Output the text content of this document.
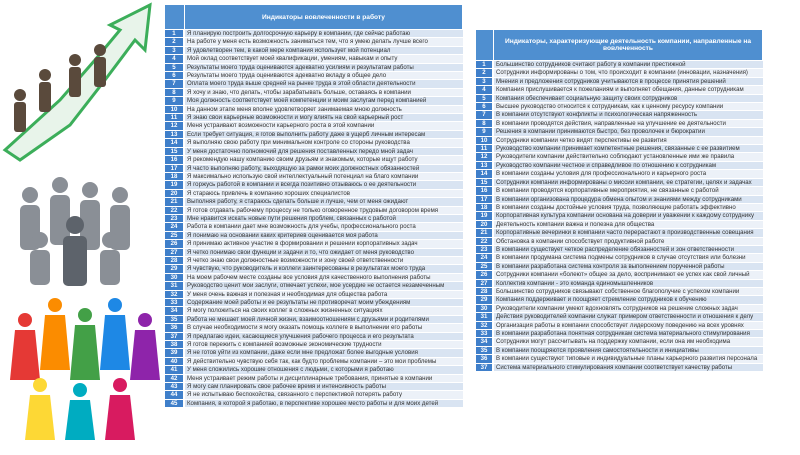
	Индикаторы вовлеченности в работу
1	Я планирую построить долгосрочную карьеру в компании, где сейчас работаю
2	На работе у меня есть возможность заниматься тем, что я умею делать лучше всего
3	Я удовлетворен тем, в какой мере компания использует мой потенциал
4	Мой оклад соответствует моей квалификации, умениям, навыкам и опыту
5	Результаты моего труда оцениваются адекватно усилиям и результатам работы
6	Результаты моего труда оцениваются адекватно вкладу в общее дело
7	Оплата моего труда выше средней на рынке труда в этой области деятельности
8	Я хочу и знаю, что делать, чтобы зарабатывать больше, оставаясь в компании
9	Моя должность соответствует моей компетенции и моим заслугам перед компанией
10	На данном этапе меня вполне удовлетворяет занимаемая мною должность
11	Я знаю свои карьерные возможности и могу влиять на свой карьерный рост
12	Меня устраивают возможности карьерного роста в этой компании
13	Если требует ситуация, я готов выполнить работу даже в ущерб личным интересам
14	Я выполняю свою работу при минимальном контроле со стороны руководства
15	У меня достаточно полномочий для решения поставленных передо мной задач
16	Я рекомендую нашу компанию своим друзьям и знакомым, которые ищут работу
17	Я часто выполняю работу, выходящую за рамки моих должностных обязанностей
18	Я максимально использую свой интеллектуальный потенциал на благо компании
19	Я горжусь работой в компании и всегда позитивно отзываюсь о ее деятельности
20	Я стараюсь привлечь в компанию хороших специалистов
21	Выполняя работу, я стараюсь сделать больше и лучше, чем от меня ожидают
22	Я готов отдавать рабочему процессу не только оговоренное трудовым договором время
23	Мне нравится искать новые пути решения проблем, связанных с работой
24	Работа в компании дает мне возможность для учебы, профессионального роста
25	Я понимаю на основании каких критериев оценивается моя работа
26	Я принимаю активное участие в формировании и решении корпоративных задач
27	Я четко понимаю свои функции и задачи и то, что ожидает от меня руководство
28	Я четко знаю свои должностные возможности и зону своей ответственности
29	Я чувствую, что руководитель и коллеги заинтересованы в результатах моего труда
30	На моем рабочем месте созданы все условия для качественного выполнения работы
31	Руководство ценит мои заслуги, отмечает успехи, мое усердие не остается незамеченным
32	У меня очень важная и полезная и необходимая для общества работа
33	Содержание моей работы и ее результаты не противоречат моим убеждениям
34	Я могу положиться на своих коллег в сложных жизненных ситуациях
35	Работа не мешает моей личной жизни, взаимоотношениям с друзьями и родителями
36	В случае необходимости я могу оказать помощь коллеге в выполнении его работы
37	Я предлагаю идеи, касающиеся улучшения рабочего процесса и его результата
38	Я готов пережить с компанией возможные экономические трудности
39	Я не готов уйти из компании, даже если мне предложат более выгодные условия
40	Я действительно чувствую себя так, как будто проблемы компании – это мои проблемы
41	У меня сложились хорошие отношения с людьми, с которыми я работаю
42	Меня устраивает режим работы и дисциплинарные требования, принятые в компании
43	Я могу сам планировать свое рабочее время и интенсивность работы
44	Я не испытываю беспокойства, связанного с перспективой потерять работу
45	Компания, в которой я работаю, в перспективе хорошее место работы и для моих детей
	Индикаторы, характеризующие деятельность компании, направленные на вовлеченность
1	Большинство сотрудников считают работу в компании престижной
2	Сотрудники информированы о том, что происходит в компании (инновации, назначения)
3	Мнения и предложения сотрудников учитываются в процессе принятия решений
4	Компания прислушивается к пожеланиям и выполняет обещания, данные сотрудникам
5	Компания обеспечивает социальную защиту своих сотрудников
6	Высшее руководство относится к сотрудникам, как к ценному ресурсу компании
7	В компании отсутствуют конфликты и психологическая напряженность
8	В компании проводятся действия, направленные на улучшение ее деятельности
9	Решения в компании принимаются быстро, без проволочек и бюрократии
10	Сотрудники компании четко видят перспективы ее развития
11	Руководство компании принимает компетентные решения, связанные с ее развитием
12	Руководители компании действительно соблюдают установленные ими же правила
13	Руководство компании честное и справедливое по отношению к сотрудникам
14	В компании созданы условия для профессионального и карьерного роста
15	Сотрудники компании информированы о миссии компании, ее стратегии, целях и задачах
16	В компании проводятся корпоративные мероприятия, не связанные с работой
17	В компании организована процедура обмена опытом и знаниями между сотрудниками
18	В компании созданы достойные условия труда, позволяющие работать эффективно
19	Корпоративная культура компании основана на доверии и уважении к каждому сотруднику
20	Деятельность компании важна и полезна для общества
21	Корпоративные вечеринки в компании часто перерастают в производственные совещания
22	Обстановка в компании способствует продуктивной работе
23	В компании существует четкое распределение обязанностей и зон ответственности
24	В компании продумана система подмены сотрудников в случае отсутствия или болезни
25	В компании разработана система контроля за выполнением порученной работы
26	Сотрудники компании «болеют» общее за дело, воспринимают ее успех как свой личный
27	Коллектив компании - это команда единомышленников
28	Большинство сотрудников связывают собственное благополучие с успехом компании
29	Компания поддерживает и поощряет стремление сотрудников к обучению
30	Руководители компании умеют вдохновлять сотрудников на решение сложных задач
31	Действия руководителей компании служат примером ответственности и отношения к делу
32	Организация работы в компании способствует лидерскому поведению на всех уровнях
33	В компании разработана понятная сотрудникам система материального стимулирования
34	Сотрудники могут рассчитывать на поддержку компании, если она им необходима
35	В компании поощряются проявления самостоятельности и инициативы
36	В компании существуют типовые и индивидуальные планы карьерного развития персонала
37	Система материального стимулирования компании соответствует качеству работы
